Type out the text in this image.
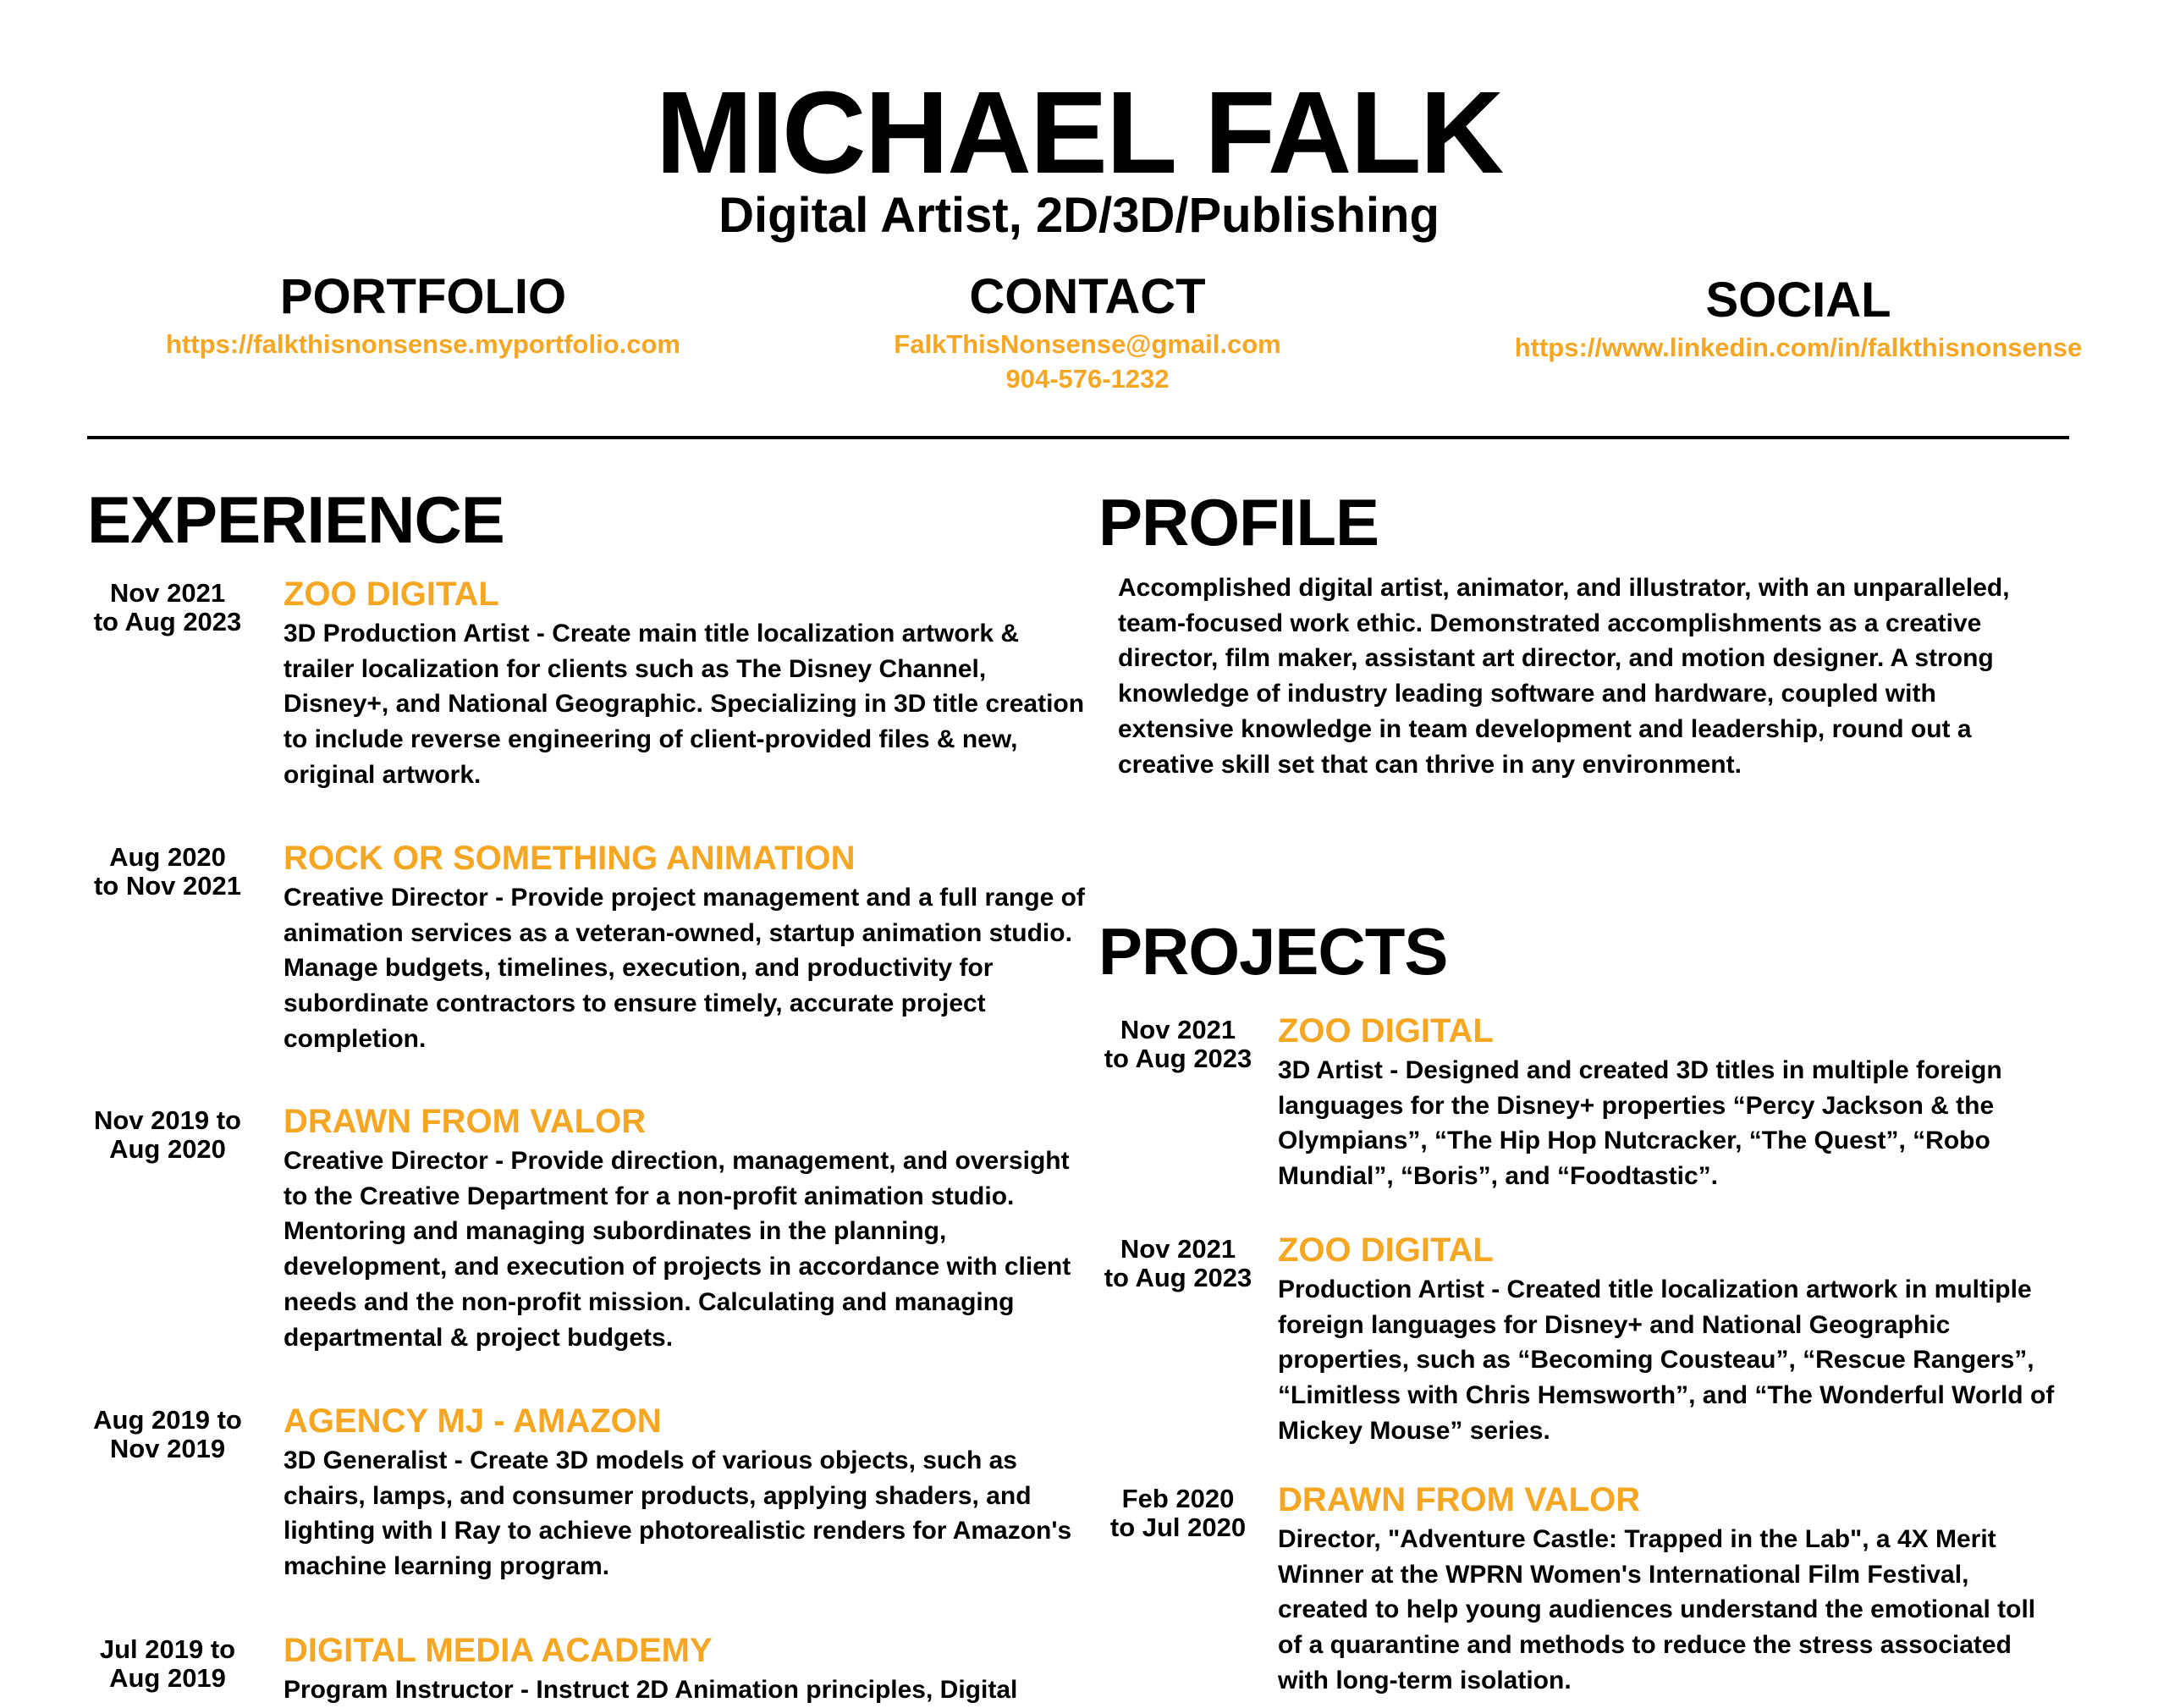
MICHAEL FALK
Digital Artist, 2D/3D/Publishing
PORTFOLIO
https://falkthisnonsense.myportfolio.com
CONTACT
FalkThisNonsense@gmail.com
904-576-1232
SOCIAL
https://www.linkedin.com/in/falkthisnonsense
EXPERIENCE	PROFILE
Accomplished digital artist, animator, and illustrator, with an unparalleled, team-focused work ethic. Demonstrated accomplishments as a creative director, film maker, assistant art director, and motion designer. A strong knowledge of industry leading software and hardware, coupled with extensive knowledge in team development and leadership, round out a creative skill set that can thrive in any environment.
PROJECTS
Nov 2021
to Aug 2023
ZOO DIGITAL
3D Production Artist - Create main title localization artwork & trailer localization for clients such as The Disney Channel, Disney+, and National Geographic. Specializing in 3D title creation to include reverse engineering of client-provided files & new, original artwork.
Aug 2020
to Nov 2021
ROCK OR SOMETHING ANIMATION
Creative Director - Provide project management and a full range of animation services as a veteran-owned, startup animation studio. Manage budgets, timelines, execution, and productivity for subordinate contractors to ensure timely, accurate project completion.
Nov 2019 to
Aug 2020
DRAWN FROM VALOR
Creative Director - Provide direction, management, and oversight to the Creative Department for a non-profit animation studio. Mentoring and managing subordinates in the planning, development, and execution of projects in accordance with client needs and the non-profit mission. Calculating and managing departmental & project budgets.
Aug 2019 to
Nov 2019
AGENCY MJ - AMAZON
3D Generalist - Create 3D models of various objects, such as chairs, lamps, and consumer products, applying shaders, and lighting with I Ray to achieve photorealistic renders for Amazon's machine learning program.
Jul 2019 to
Aug 2019
DIGITAL MEDIA ACADEMY
Program Instructor - Instruct 2D Animation principles, Digital
Nov 2021
to Aug 2023
ZOO DIGITAL
3D Artist - Designed and created 3D titles in multiple foreign languages for the Disney+ properties “Percy Jackson & the Olympians”, “The Hip Hop Nutcracker, “The Quest”, “Robo Mundial”, “Boris”, and “Foodtastic”.
Nov 2021
to Aug 2023
ZOO DIGITAL
Production Artist - Created title localization artwork in multiple foreign languages for Disney+ and National Geographic properties, such as “Becoming Cousteau”, “Rescue Rangers”, “Limitless with Chris Hemsworth”, and “The Wonderful World of Mickey Mouse” series.
Feb 2020
to Jul 2020
DRAWN FROM VALOR
Director, "Adventure Castle: Trapped in the Lab", a 4X Merit Winner at the WPRN Women's International Film Festival, created to help young audiences understand the emotional toll of a quarantine and methods to reduce the stress associated with long-term isolation.
